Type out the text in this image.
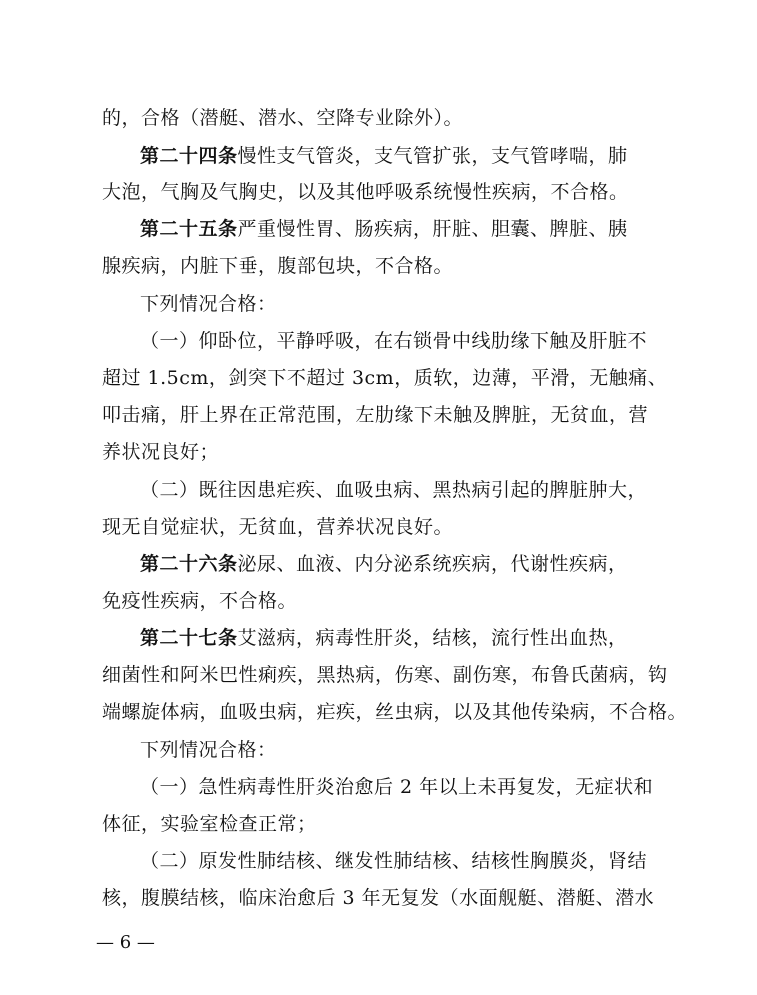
的，合格（潜艇、潜水、空降专业除外）。
第二十四条慢性支气管炎，支气管扩张，支气管哮喘，肺
大泡，气胸及气胸史，以及其他呼吸系统慢性疾病，不合格。
第二十五条严重慢性胃、肠疾病，肝脏、胆囊、脾脏、胰
腺疾病，内脏下垂，腹部包块，不合格。
下列情况合格：
（一）仰卧位，平静呼吸，在右锁骨中线肋缘下触及肝脏不
超过 1.5cm，剑突下不超过 3cm，质软，边薄，平滑，无触痛、
叩击痛，肝上界在正常范围，左肋缘下未触及脾脏，无贫血，营
养状况良好；
（二）既往因患疟疾、血吸虫病、黑热病引起的脾脏肿大，
现无自觉症状，无贫血，营养状况良好。
第二十六条泌尿、血液、内分泌系统疾病，代谢性疾病，
免疫性疾病，不合格。
第二十七条艾滋病，病毒性肝炎，结核，流行性出血热，
细菌性和阿米巴性痢疾，黑热病，伤寒、副伤寒，布鲁氏菌病，钩
端螺旋体病，血吸虫病，疟疾，丝虫病，以及其他传染病，不合格。
下列情况合格：
（一）急性病毒性肝炎治愈后 2 年以上未再复发，无症状和
体征，实验室检查正常；
（二）原发性肺结核、继发性肺结核、结核性胸膜炎，肾结
核，腹膜结核，临床治愈后 3 年无复发（水面舰艇、潜艇、潜水
— 6 —
